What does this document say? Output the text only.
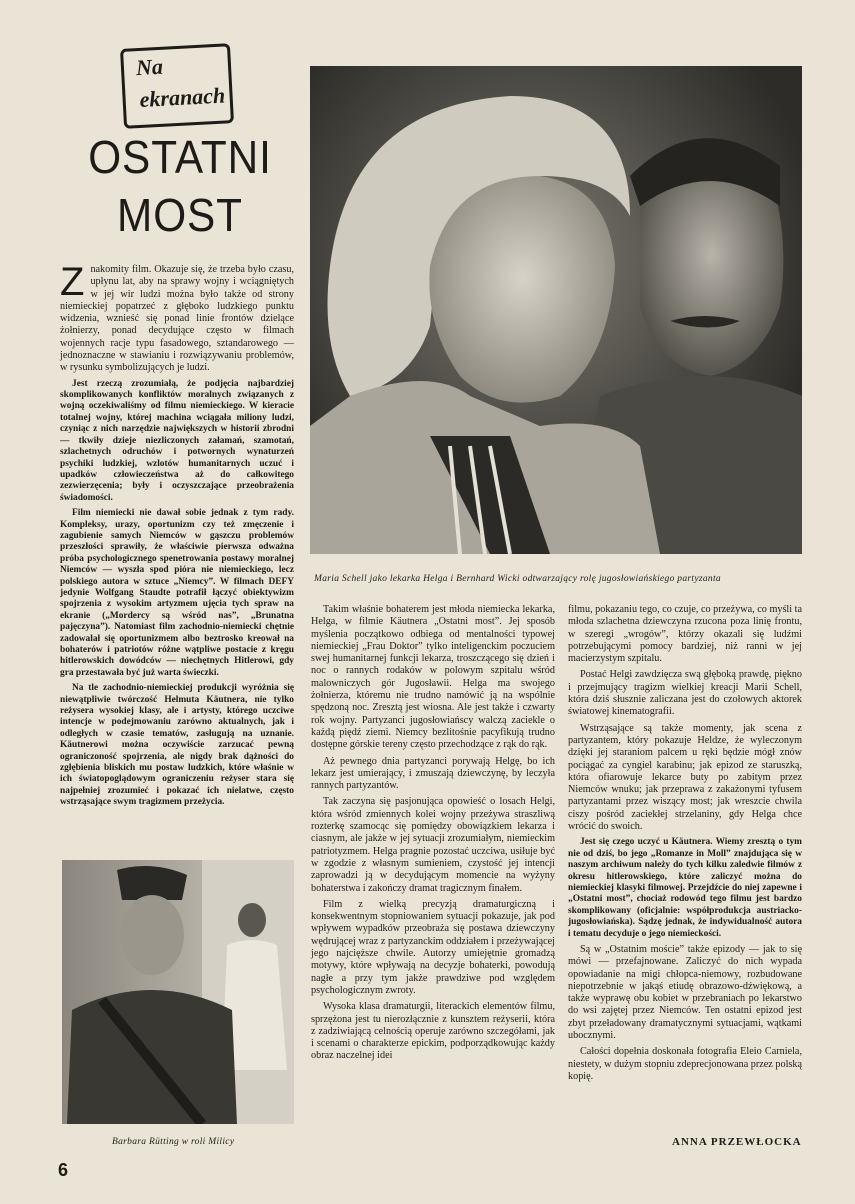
Na
ekranach
OSTATNI
MOST
Maria Schell jako lekarka Helga i Bernhard Wicki odtwarzający rolę jugosłowiańskiego partyzanta
Barbara Rütting w roli Milicy

Znakomity film. Okazuje się, że trzeba było czasu, upłynu lat, aby na sprawy wojny i wciągniętych w jej wir ludzi można było także od strony niemieckiej popatrzeć z głęboko ludzkiego punktu widzenia, wznieść się ponad linie frontów dzielące żołnierzy, ponad decydujące często w filmach wojennych racje typu fasadowego, sztandarowego — jednoznaczne w stawianiu i rozwiązywaniu problemów, w rysunku symbolizujących je ludzi.

Jest rzeczą zrozumiałą, że podjęcia najbardziej skomplikowanych konfliktów moralnych związanych z wojną oczekiwaliśmy od filmu niemieckiego. W kieracie totalnej wojny, której machina wciągała miliony ludzi, czyniąc z nich narzędzie największych w historii zbrodni — tkwiły dzieje niezliczonych załamań, szamotań, szlachetnych odruchów i potwornych wynaturzeń psychiki ludzkiej, wzlotów humanitarnych uczuć i upadków człowieczeństwa aż do całkowitego zezwierzęcenia; były i oczyszczające przeobrażenia świadomości.

Film niemiecki nie dawał sobie jednak z tym rady. Kompleksy, urazy, oportunizm czy też zmęczenie i zagubienie samych Niemców w gąszczu problemów przeszłości sprawiły, że właściwie pierwsza odważna próba psychologicznego spenetrowania postawy moralnej Niemców — wyszła spod pióra nie niemieckiego, lecz polskiego autora w sztuce „Niemcy”. W filmach DEFY jedynie Wolfgang Staudte potrafił łączyć obiektywizm spojrzenia z wysokim artyzmem ujęcia tych spraw na ekranie („Mordercy są wśród nas”, „Brunatna pajęczyna”). Natomiast film zachodnio-niemiecki chętnie zadowalał się oportunizmem albo beztrosko kreował na bohaterów i patriotów różne wątpliwe postacie z kręgu hitlerowskich dowódców — niechętnych Hitlerowi, gdy gra przestawała być już warta świeczki.

Na tle zachodnio-niemieckiej produkcji wyróżnia się niewątpliwie twórczość Helmuta Käutnera, nie tylko reżysera wysokiej klasy, ale i artysty, którego uczciwe intencje w podejmowaniu zarówno aktualnych, jak i odległych w czasie tematów, zasługują na uznanie. Käutnerowi można oczywiście zarzucać pewną ograniczoność spojrzenia, ale nigdy brak dążności do zgłębienia bliskich mu postaw ludzkich, które właśnie w ich światopoglądowym ograniczeniu reżyser stara się najpełniej zrozumieć i pokazać ich nielatwe, często wstrząsające swym tragizmem przeżycia.

Takim właśnie bohaterem jest młoda niemiecka lekarka, Helga, w filmie Käutnera „Ostatni most”. Jej sposób myślenia początkowo odbiega od mentalności typowej niemieckiej „Frau Doktor” tylko inteligenckim poczuciem swej humanitarnej funkcji lekarza, troszczącego się dzień i noc o rannych rodaków w polowym szpitalu wśród malowniczych gór Jugosławii. Helga ma swojego żołnierza, któremu nie trudno namówić ją na wspólnie spędzoną noc. Zresztą jest wiosna. Ale jest także i czwarty rok wojny. Partyzanci jugosłowiańscy walczą zaciekle o każdą piędź ziemi. Niemcy bezlitośnie pacyfikują trudno dostępne górskie tereny często przechodzące z rąk do rąk.

Aż pewnego dnia partyzanci porywają Helgę, bo ich lekarz jest umierający, i zmuszają dziewczynę, by leczyła rannych partyzantów.

Tak zaczyna się pasjonująca opowieść o losach Helgi, która wśród zmiennych kolei wojny przeżywa straszliwą rozterkę szamocąc się pomiędzy obowiązkiem lekarza i ciasnym, ale jakże w jej sytuacji zrozumiałym, niemieckim patriotyzmem. Helga pragnie pozostać uczciwa, usiłuje być w zgodzie z własnym sumieniem, czystość jej intencji zaprowadzi ją w decydującym momencie na wyżyny bohaterstwa i zakończy dramat tragicznym finałem.

Film z wielką precyzją dramaturgiczną i konsekwentnym stopniowaniem sytuacji pokazuje, jak pod wpływem wypadków przeobraża się postawa dziewczyny wędrującej wraz z partyzanckim oddziałem i przeżywającej jego najcięższe chwile. Autorzy umiejętnie gromadzą motywy, które wpływają na decyzje bohaterki, powodują nagłe a przy tym jakże prawdziwe pod względem psychologicznym zwroty.

Wysoka klasa dramaturgii, literackich elementów filmu, sprzężona jest tu nierozłącznie z kunsztem reżyserii, która z zadziwiającą celnością operuje zarówno szczegółami, jak i scenami o charakterze epickim, podporządkowując każdy obraz naczelnej idei

filmu, pokazaniu tego, co czuje, co przeżywa, co myśli ta młoda szlachetna dziewczyna rzucona poza linię frontu, w szeregi „wrogów”, którzy okazali się ludźmi potrzebującymi pomocy bardziej, niż ranni w jej macierzystym szpitalu.

Postać Helgi zawdzięcza swą głęboką prawdę, piękno i przejmujący tragizm wielkiej kreacji Marii Schell, która dziś słusznie zaliczana jest do czołowych aktorek światowej kinematografii.

Wstrząsające są także momenty, jak scena z partyzantem, który pokazuje Heldze, że wyleczonym dzięki jej staraniom palcem u ręki będzie mógł znów pociągać za cyngiel karabinu; jak epizod ze staruszką, która ofiarowuje lekarce buty po zabitym przez Niemców wnuku; jak przeprawa z zakażonymi tyfusem partyzantami przez wiszący most; jak wreszcie chwila ciszy pośród zaciekłej strzelaniny, gdy Helga chce wrócić do swoich.

Jest się czego uczyć u Käutnera. Wiemy zresztą o tym nie od dziś, bo jego „Romanze in Moll” znajdująca się w naszym archiwum należy do tych kilku zaledwie filmów z okresu hitlerowskiego, które zaliczyć można do niemieckiej klasyki filmowej. Przejdźcie do niej zapewne i „Ostatni most”, chociaż rodowód tego filmu jest bardzo skomplikowany (oficjalnie: współprodukcja austriacko-jugosłowiańska). Sądzę jednak, że indywidualność autora i tematu decyduje o jego niemieckości.

Są w „Ostatnim moście” także epizody — jak to się mówi — przefajnowane. Zaliczyć do nich wypada opowiadanie na migi chłopca-niemowy, rozbudowane niepotrzebnie w jakąś etiudę obrazowo-dźwiękową, a także wyprawę obu kobiet w przebraniach po lekarstwo do wsi zajętej przez Niemców. Ten ostatni epizod jest zbyt przeładowany dramatycznymi sytuacjami, wątkami ubocznymi.

Całości dopełnia doskonała fotografia Eleio Carniela, niestety, w dużym stopniu zdeprecjonowana przez polską kopię.

ANNA PRZEWŁOCKA
6
